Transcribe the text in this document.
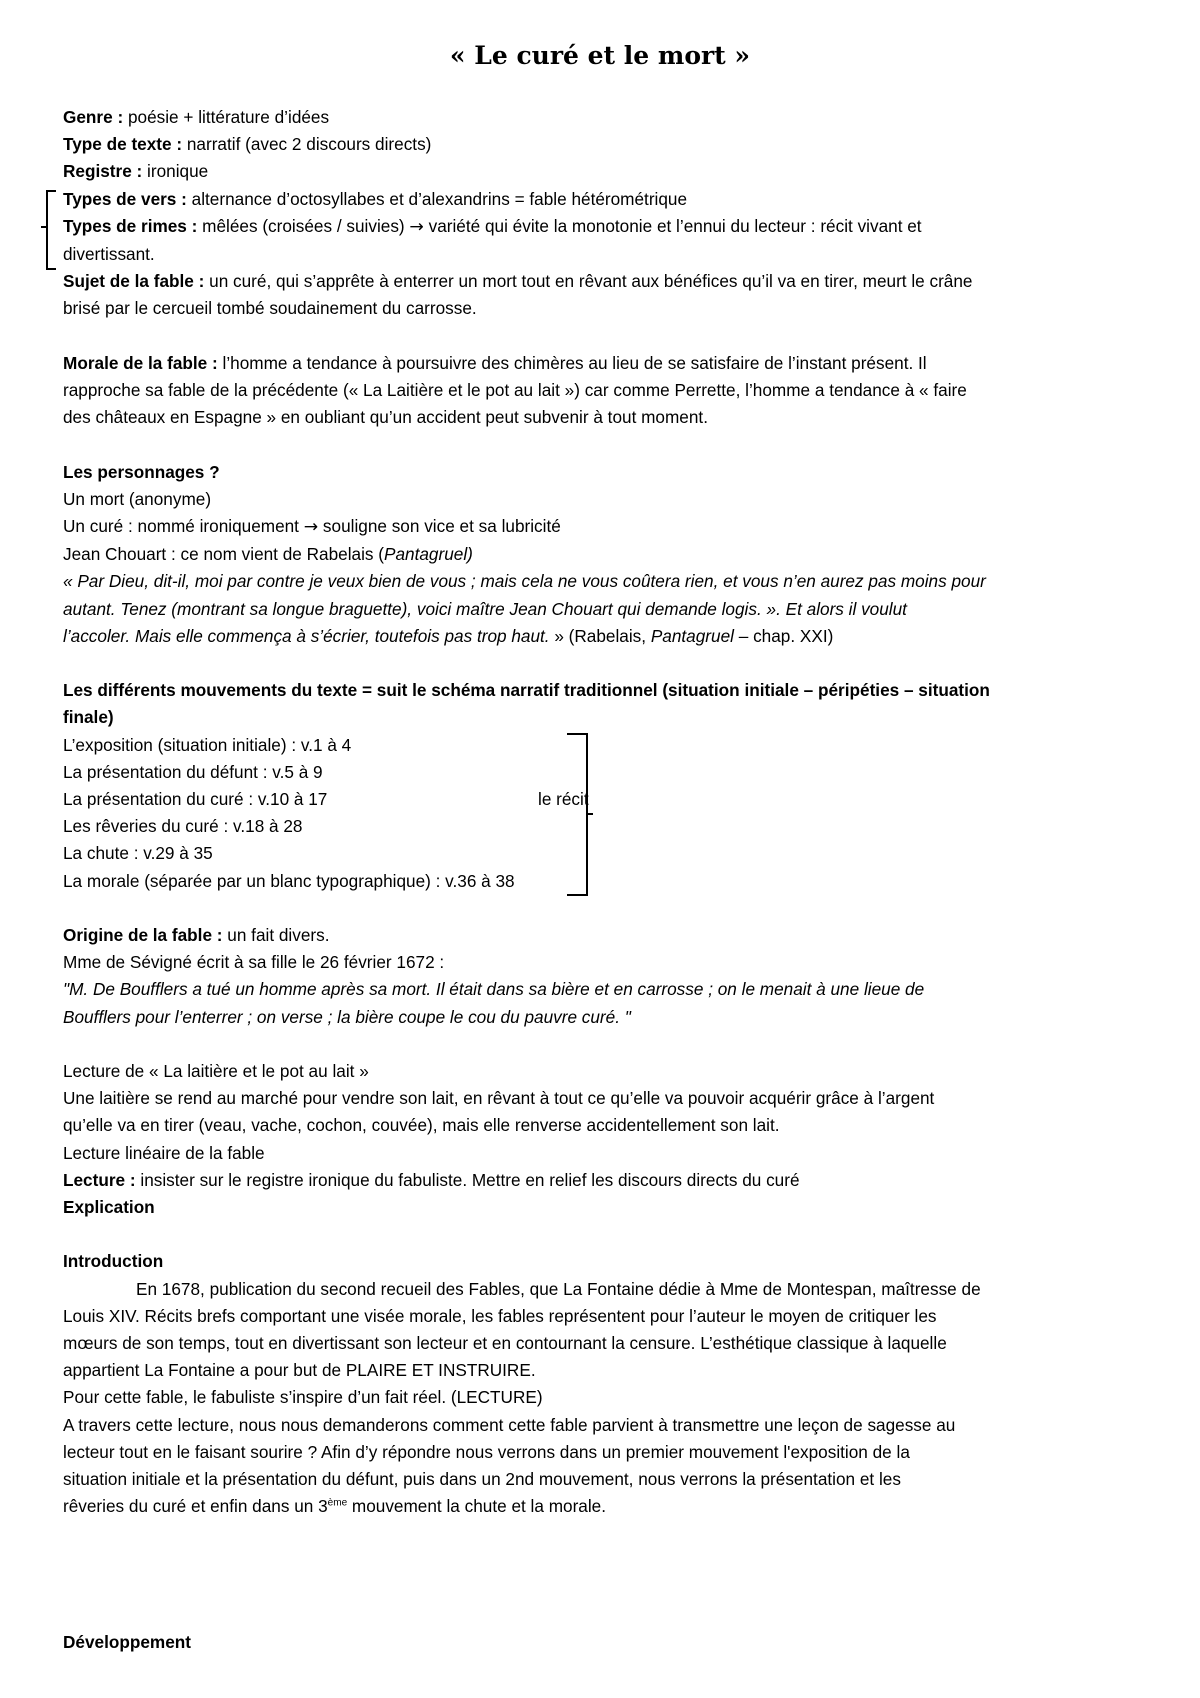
« Le curé et le mort »
Genre : poésie + littérature d’idées
Type de texte : narratif (avec 2 discours directs)
Registre : ironique
Types de vers : alternance d’octosyllabes et d’alexandrins = fable hétérométrique
Types de rimes : mêlées (croisées / suivies) → variété qui évite la monotonie et l’ennui du lecteur : récit vivant et
divertissant.
Sujet de la fable : un curé, qui s’apprête à enterrer un mort tout en rêvant aux bénéfices qu’il va en tirer, meurt le crâne
brisé par le cercueil tombé soudainement du carrosse.
Morale de la fable : l’homme a tendance à poursuivre des chimères au lieu de se satisfaire de l’instant présent. Il
rapproche sa fable de la précédente (« La Laitière et le pot au lait ») car comme Perrette, l’homme a tendance à « faire
des châteaux en Espagne » en oubliant qu’un accident peut subvenir à tout moment.
Les personnages ?
Un mort (anonyme)
Un curé : nommé ironiquement → souligne son vice et sa lubricité
Jean Chouart : ce nom vient de Rabelais (Pantagruel)
« Par Dieu, dit-il, moi par contre je veux bien de vous ; mais cela ne vous coûtera rien, et vous n’en aurez pas moins pour
autant. Tenez (montrant sa longue braguette), voici maître Jean Chouart qui demande logis. ». Et alors il voulut
l’accoler. Mais elle commença à s’écrier, toutefois pas trop haut. » (Rabelais, Pantagruel – chap. XXI)
Les différents mouvements du texte = suit le schéma narratif traditionnel (situation initiale – péripéties – situation
finale)
L’exposition (situation initiale) : v.1 à 4
La présentation du défunt : v.5 à 9
La présentation du curé : v.10 à 17
Les rêveries du curé : v.18 à 28
La chute : v.29 à 35
La morale (séparée par un blanc typographique) : v.36 à 38
le récit
Origine de la fable : un fait divers.
Mme de Sévigné écrit à sa fille le 26 février 1672 :
"M. De Boufflers a tué un homme après sa mort. Il était dans sa bière et en carrosse ; on le menait à une lieue de
Boufflers pour l’enterrer ; on verse ; la bière coupe le cou du pauvre curé. "
Lecture de « La laitière et le pot au lait »
Une laitière se rend au marché pour vendre son lait, en rêvant à tout ce qu’elle va pouvoir acquérir grâce à l’argent
qu’elle va en tirer (veau, vache, cochon, couvée), mais elle renverse accidentellement son lait.
Lecture linéaire de la fable
Lecture : insister sur le registre ironique du fabuliste. Mettre en relief les discours directs du curé
Explication
Introduction
En 1678, publication du second recueil des Fables, que La Fontaine dédie à Mme de Montespan, maîtresse de
Louis XIV. Récits brefs comportant une visée morale, les fables représentent pour l’auteur le moyen de critiquer les
mœurs de son temps, tout en divertissant son lecteur et en contournant la censure. L’esthétique classique à laquelle
appartient La Fontaine a pour but de PLAIRE ET INSTRUIRE.
Pour cette fable, le fabuliste s’inspire d’un fait réel. (LECTURE)
A travers cette lecture, nous nous demanderons comment cette fable parvient à transmettre une leçon de sagesse au
lecteur tout en le faisant sourire ? Afin d’y répondre nous verrons dans un premier mouvement l'exposition de la
situation initiale et la présentation du défunt, puis dans un 2nd mouvement, nous verrons la présentation et les
rêveries du curé et enfin dans un 3ème mouvement la chute et la morale.
Développement
